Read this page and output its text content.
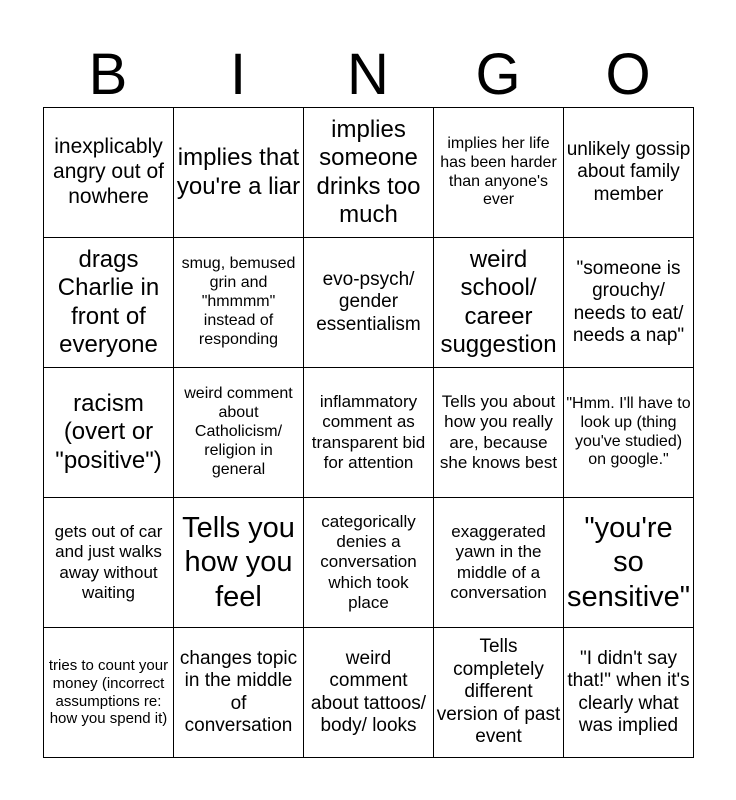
B	I	N	G	O
inexplicably angry out of nowhere	implies that you're a liar	implies someone drinks too much	implies her life has been harder than anyone's ever	unlikely gossip about family member
drags Charlie in front of everyone	smug, bemused grin and "hmmmm" instead of responding	evo-psych/ gender essentialism	weird school/ career suggestion	"someone is grouchy/ needs to eat/ needs a nap"
racism (overt or "positive")	weird comment about Catholicism/ religion in general	inflammatory comment as transparent bid for attention	Tells you about how you really are, because she knows best	"Hmm. I'll have to look up (thing you've studied) on google."
gets out of car and just walks away without waiting	Tells you how you feel	categorically denies a conversation which took place	exaggerated yawn in the middle of a conversation	"you're so sensitive"
tries to count your money (incorrect assumptions re: how you spend it)	changes topic in the middle of conversation	weird comment about tattoos/ body/ looks	Tells completely different version of past event	"I didn't say that!" when it's clearly what was implied
